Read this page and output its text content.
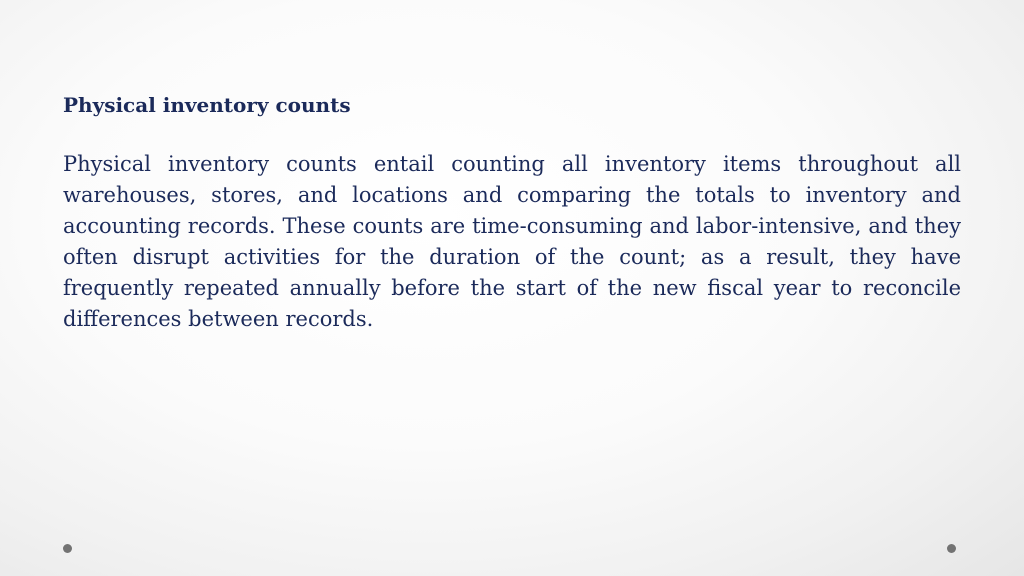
Physical inventory counts

Physical inventory counts entail counting all inventory items throughout all warehouses, stores, and locations and comparing the totals to inventory and accounting records. These counts are time-consuming and labor-intensive, and they often disrupt activities for the duration of the count; as a result, they have frequently repeated annually before the start of the new fiscal year to reconcile differences between records.
